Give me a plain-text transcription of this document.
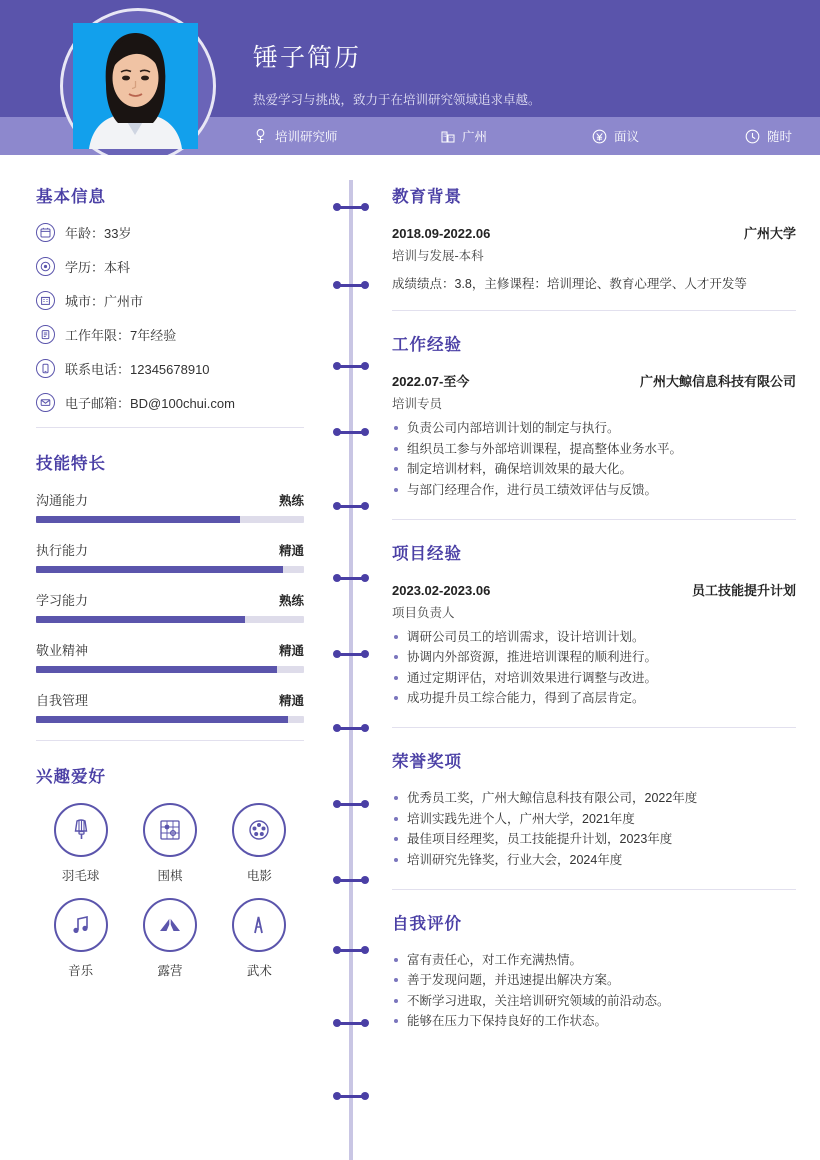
培训研究师	广州	面议	随时
锤子简历
热爱学习与挑战，致力于在培训研究领域追求卓越。
基本信息
年龄：33岁
学历：本科
城市：广州市
工作年限：7年经验
联系电话：12345678910
电子邮箱：BD@100chui.com
技能特长
沟通能力	熟练
执行能力	精通
学习能力	熟练
敬业精神	精通
自我管理	精通
兴趣爱好
羽毛球	围棋	电影
音乐	露营	武术
教育背景
2018.09-2022.06	广州大学
培训与发展-本科
成绩绩点：3.8，主修课程：培训理论、教育心理学、人才开发等
工作经验
2022.07-至今	广州大鲸信息科技有限公司
培训专员
负责公司内部培训计划的制定与执行。
组织员工参与外部培训课程，提高整体业务水平。
制定培训材料，确保培训效果的最大化。
与部门经理合作，进行员工绩效评估与反馈。
项目经验
2023.02-2023.06	员工技能提升计划
项目负责人
调研公司员工的培训需求，设计培训计划。
协调内外部资源，推进培训课程的顺利进行。
通过定期评估，对培训效果进行调整与改进。
成功提升员工综合能力，得到了高层肯定。
荣誉奖项
优秀员工奖，广州大鲸信息科技有限公司，2022年度
培训实践先进个人，广州大学，2021年度
最佳项目经理奖，员工技能提升计划，2023年度
培训研究先锋奖，行业大会，2024年度
自我评价
富有责任心，对工作充满热情。
善于发现问题，并迅速提出解决方案。
不断学习进取，关注培训研究领域的前沿动态。
能够在压力下保持良好的工作状态。
